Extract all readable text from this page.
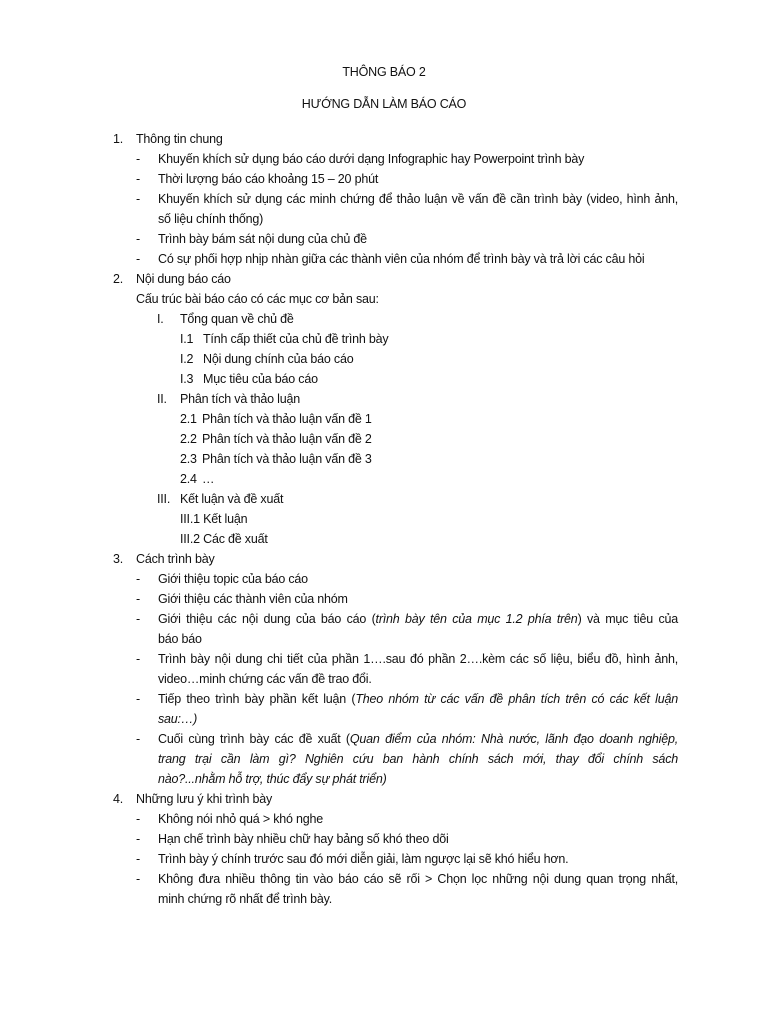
THÔNG BÁO 2
HƯỚNG DẪN LÀM BÁO CÁO
1. Thông tin chung
- Khuyến khích sử dụng báo cáo dưới dạng Infographic hay Powerpoint trình bày
- Thời lượng báo cáo khoảng 15 – 20 phút
- Khuyến khích sử dụng các minh chứng để thảo luận về vấn đề cần trình bày (video, hình ảnh,
số liệu chính thống)
- Trình bày bám sát nội dung của chủ đề
- Có sự phối hợp nhịp nhàn giữa các thành viên của nhóm để trình bày và trả lời các câu hỏi
2. Nội dung báo cáo
Cấu trúc bài báo cáo có các mục cơ bản sau:
I. Tổng quan về chủ đề
I.1 Tính cấp thiết của chủ đề trình bày
I.2 Nội dung chính của báo cáo
I.3 Mục tiêu của báo cáo
II. Phân tích và thảo luận
2.1 Phân tích và thảo luận vấn đề 1
2.2 Phân tích và thảo luận vấn đề 2
2.3 Phân tích và thảo luận vấn đề 3
2.4 …
III. Kết luận và đề xuất
III.1 Kết luận
III.2 Các đề xuất
3. Cách trình bày
- Giới thiệu topic của báo cáo
- Giới thiệu các thành viên của nhóm
- Giới thiệu các nội dung của báo cáo (trình bày tên của mục 1.2 phía trên) và mục tiêu của
báo báo
- Trình bày nội dung chi tiết của phần 1….sau đó phần 2….kèm các số liệu, biểu đồ, hình ảnh,
video…minh chứng các vấn đề trao đổi.
- Tiếp theo trình bày phần kết luận (Theo nhóm từ các vấn đề phân tích trên có các kết luận
sau:…)
- Cuối cùng trình bày các đề xuất (Quan điểm của nhóm: Nhà nước, lãnh đạo doanh nghiệp,
trang trại cần làm gì? Nghiên cứu ban hành chính sách mới, thay đổi chính sách
nào?...nhằm hỗ trợ, thúc đẩy sự phát triển)
4. Những lưu ý khi trình bày
- Không nói nhỏ quá > khó nghe
- Hạn chế trình bày nhiều chữ hay bảng số khó theo dõi
- Trình bày ý chính trước sau đó mới diễn giải, làm ngược lại sẽ khó hiểu hơn.
- Không đưa nhiều thông tin vào báo cáo sẽ rối > Chọn lọc những nội dung quan trọng nhất,
minh chứng rõ nhất để trình bày.
